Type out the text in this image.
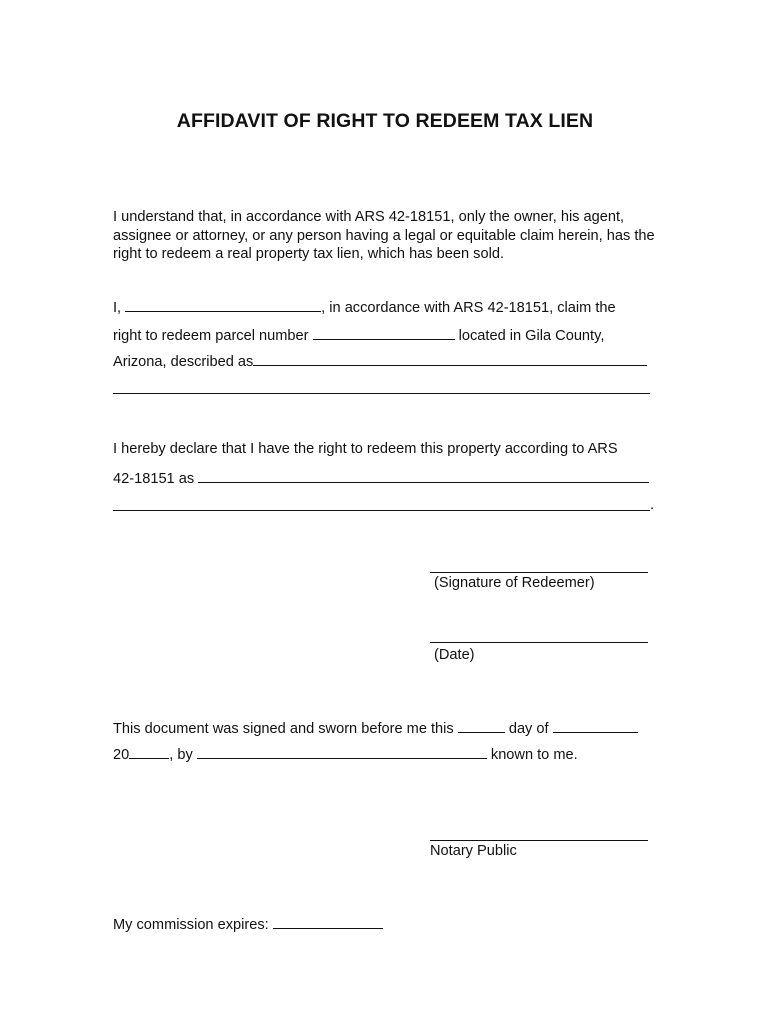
AFFIDAVIT OF RIGHT TO REDEEM TAX LIEN
I understand that, in accordance with ARS 42-18151, only the owner, his agent, assignee or attorney, or any person having a legal or equitable claim herein, has the right to redeem a real property tax lien, which has been sold.
I,	, in accordance with ARS 42-18151, claim the
right to redeem parcel number	located in Gila County,
Arizona, described as
I hereby declare that I have the right to redeem this property according to ARS
42-18151 as
.
(Signature of Redeemer)
(Date)
This document was signed and sworn before me this	day of
20	, by	known to me.
Notary Public
My commission expires:
